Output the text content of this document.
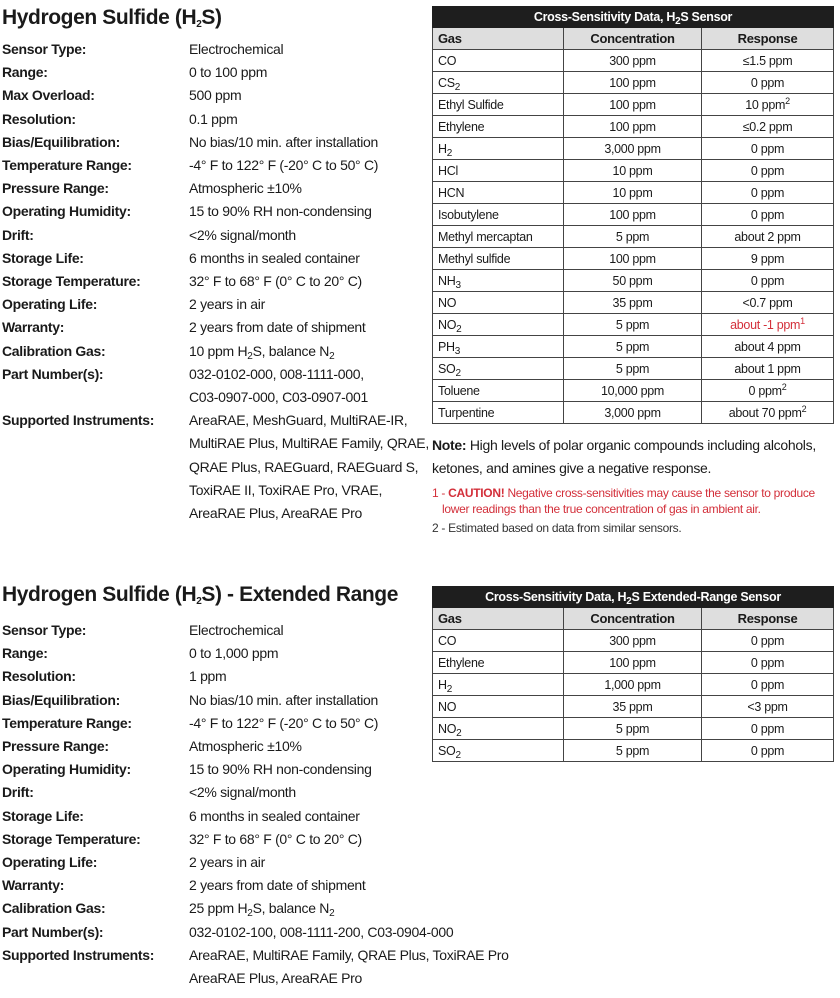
Hydrogen Sulfide $(H_2S)$
Sensor Type:	Electrochemical
Range:	0 to 100 ppm
Max Overload:	500 ppm
Resolution:	0.1 ppm
Bias/Equilibration:	No bias/10 min. after installation
Temperature Range:	-4° F to 122° F (-20° C to 50° C)
Pressure Range:	Atmospheric ±10%
Operating Humidity:	15 to 90% RH non-condensing
Drift:	<2% signal/month
Storage Life:	6 months in sealed container
Storage Temperature:	32° F to 68° F (0° C to 20° C)
Operating Life:	2 years in air
Warranty:	2 years from date of shipment
Calibration Gas:	10 ppm $H_2S$, balance $N_2$
Part Number(s):	032-0102-000, 008-1111-000,
C03-0907-000, C03-0907-001
Supported Instruments:	AreaRAE, MeshGuard, MultiRAE-IR,
MultiRAE Plus, MultiRAE Family, QRAE,
QRAE Plus, RAEGuard, RAEGuard S,
ToxiRAE II, ToxiRAE Pro, VRAE,
AreaRAE Plus, AreaRAE Pro
Cross-Sensitivity Data, $H_2S$ Sensor		
Gas	Concentration	Response
CO	300 ppm	≤1.5 ppm
$CS_2$	100 ppm	0 ppm
Ethyl Sulfide	100 ppm	10 ppm$^2$
Ethylene	100 ppm	≤0.2 ppm
$H_2$	3,000 ppm	0 ppm
HCl	10 ppm	0 ppm
HCN	10 ppm	0 ppm
Isobutylene	100 ppm	0 ppm
Methyl mercaptan	5 ppm	about 2 ppm
Methyl sulfide	100 ppm	9 ppm
$NH_3$	50 ppm	0 ppm
NO	35 ppm	<0.7 ppm
$NO_2$	5 ppm	about -1 ppm$^1$
$PH_3$	5 ppm	about 4 ppm
$SO_2$	5 ppm	about 1 ppm
Toluene	10,000 ppm	0 ppm$^2$
Turpentine	3,000 ppm	about 70 ppm$^2$

Note: High levels of polar organic compounds including alcohols, ketones, and amines give a negative response.

1 - CAUTION! Negative cross-sensitivities may cause the sensor to produce lower readings than the true concentration of gas in ambient air.

2 - Estimated based on data from similar sensors.

Hydrogen Sulfide $(H_2S)$ - Extended Range
Sensor Type:	Electrochemical
Range:	0 to 1,000 ppm
Resolution:	1 ppm
Bias/Equilibration:	No bias/10 min. after installation
Temperature Range:	-4° F to 122° F (-20° C to 50° C)
Pressure Range:	Atmospheric ±10%
Operating Humidity:	15 to 90% RH non-condensing
Drift:	<2% signal/month
Storage Life:	6 months in sealed container
Storage Temperature:	32° F to 68° F (0° C to 20° C)
Operating Life:	2 years in air
Warranty:	2 years from date of shipment
Calibration Gas:	25 ppm $H_2S$, balance $N_2$
Part Number(s):	032-0102-100, 008-1111-200, C03-0904-000
Supported Instruments:	AreaRAE, MultiRAE Family, QRAE Plus, ToxiRAE Pro
AreaRAE Plus, AreaRAE Pro
Cross-Sensitivity Data, $H_2S$ Extended-Range Sensor		
Gas	Concentration	Response
CO	300 ppm	0 ppm
Ethylene	100 ppm	0 ppm
$H_2$	1,000 ppm	0 ppm
NO	35 ppm	<3 ppm
$NO_2$	5 ppm	0 ppm
$SO_2$	5 ppm	0 ppm
